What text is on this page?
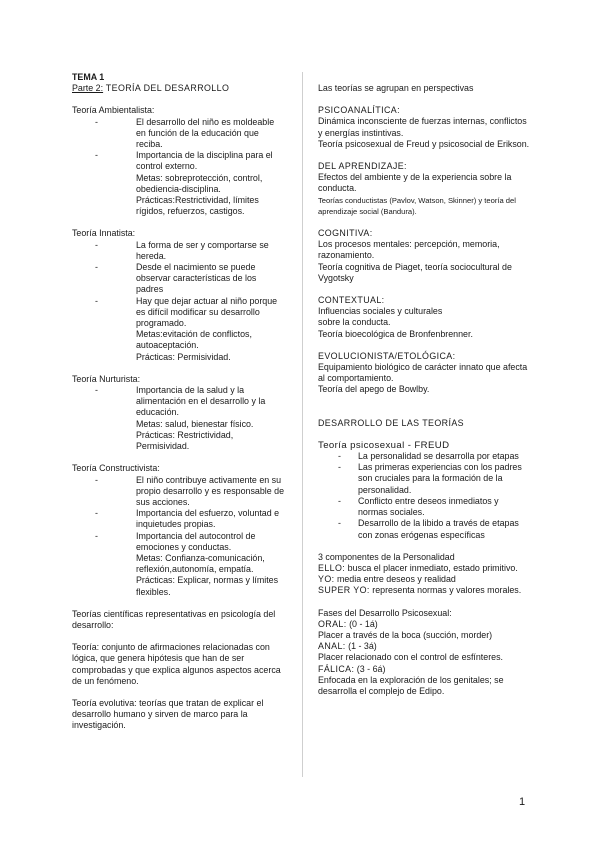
TEMA 1

Parte 2: TEORÍA DEL DESARROLLO

Teoría Ambientalista:

- El desarrollo del niño es moldeable en función de la educación que reciba.
- Importancia de la disciplina para el control externo.

Metas: sobreprotección, control, obediencia-disciplina.

Prácticas:Restrictividad, límites rígidos, refuerzos, castigos.

Teoría Innatista:

- La forma de ser y comportarse se hereda.
- Desde el nacimiento se puede observar características de los padres
- Hay que dejar actuar al niño porque es difícil modificar su desarrollo programado.

Metas:evitación de conflictos, autoaceptación.

Prácticas: Permisividad.

Teoría Nurturista:

- Importancia de la salud y la alimentación en el desarrollo y la educación.

Metas: salud, bienestar físico.

Prácticas: Restrictividad, Permisividad.

Teoría Constructivista:

- El niño contribuye activamente en su propio desarrollo y es responsable de sus acciones.
- Importancia del esfuerzo, voluntad e inquietudes propias.
- Importancia del autocontrol de emociones y conductas.

Metas: Confianza-comunicación, reflexión,autonomía, empatía.

Prácticas: Explicar, normas y límites flexibles.

Teorías científicas representativas en psicología del desarrollo:

Teoría: conjunto de afirmaciones relacionadas con lógica, que genera hipótesis que han de ser comprobadas y que explica algunos aspectos acerca de un fenómeno.

Teoría evolutiva: teorías que tratan de explicar el desarrollo humano y sirven de marco para la investigación.

Las teorías se agrupan en perspectivas

PSICOANALÍTICA:

Dinámica inconsciente de fuerzas internas, conflictos y energías instintivas.

Teoría psicosexual de Freud y psicosocial de Erikson.

DEL APRENDIZAJE:

Efectos del ambiente y de la experiencia sobre la conducta.

Teorías conductistas (Pavlov, Watson, Skinner) y teoría del aprendizaje social (Bandura).

COGNITIVA:

Los procesos mentales: percepción, memoria, razonamiento.

Teoría cognitiva de Piaget, teoría sociocultural de Vygotsky

CONTEXTUAL:

Influencias sociales y culturales

sobre la conducta.

Teoría bioecológica de Bronfenbrenner.

EVOLUCIONISTA/ETOLÓGICA:

Equipamiento biológico de carácter innato que afecta al comportamiento.

Teoría del apego de Bowlby.

DESARROLLO DE LAS TEORÍAS

Teoría psicosexual - FREUD

- La personalidad se desarrolla por etapas
- Las primeras experiencias con los padres son cruciales para la formación de la personalidad.
- Conflicto entre deseos inmediatos y normas sociales.
- Desarrollo de la libido a través de etapas con zonas erógenas específicas

3 componentes de la Personalidad

ELLO: busca el placer inmediato, estado primitivo.

YO: media entre deseos y realidad

SUPER YO: representa normas y valores morales.

Fases del Desarrollo Psicosexual:

ORAL: (0 - 1á)

Placer a través de la boca (succión, morder)

ANAL: (1 - 3á)

Placer relacionado con el control de esfínteres.

FÁLICA: (3 - 6á)

Enfocada en la exploración de los genitales; se desarrolla el complejo de Edipo.

1
